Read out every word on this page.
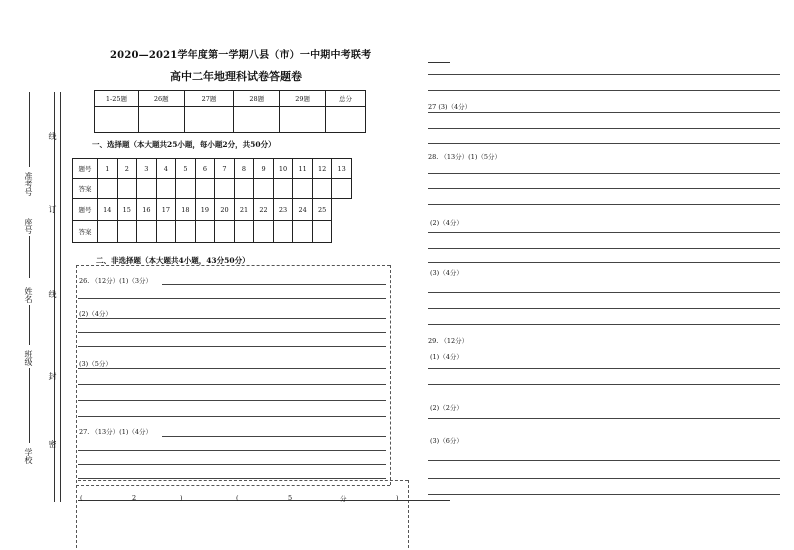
2020—2021学年度第一学期八县（市）一中期中考联考
高中二年地理科试卷答题卷
线
订
线
封
密
准考号
座号
姓名
班级
学校
1-25题	26题	27题	28题	29题	总分

一、选择题（本大题共25小题，每小题2分，共50分）
题号	1	2	3	4	5	6	7	8	9	10	11	12	13
答案													
题号	14	15	16	17	18	19	20	21	22	23	24	25	
答案													
二、非选择题（本大题共4小题，43分50分）
26. （12分）(1)（3分）
(2)（4分）
(3)（5分）
27. （13分）(1)（4分）
(	2	)	(	5	分	)
27 (3)（4分）
28. （13分）(1)（5分）
(2)（4分）
(3)（4分）
29. （12分）
(1)（4分）
(2)（2分）
(3)（6分）
